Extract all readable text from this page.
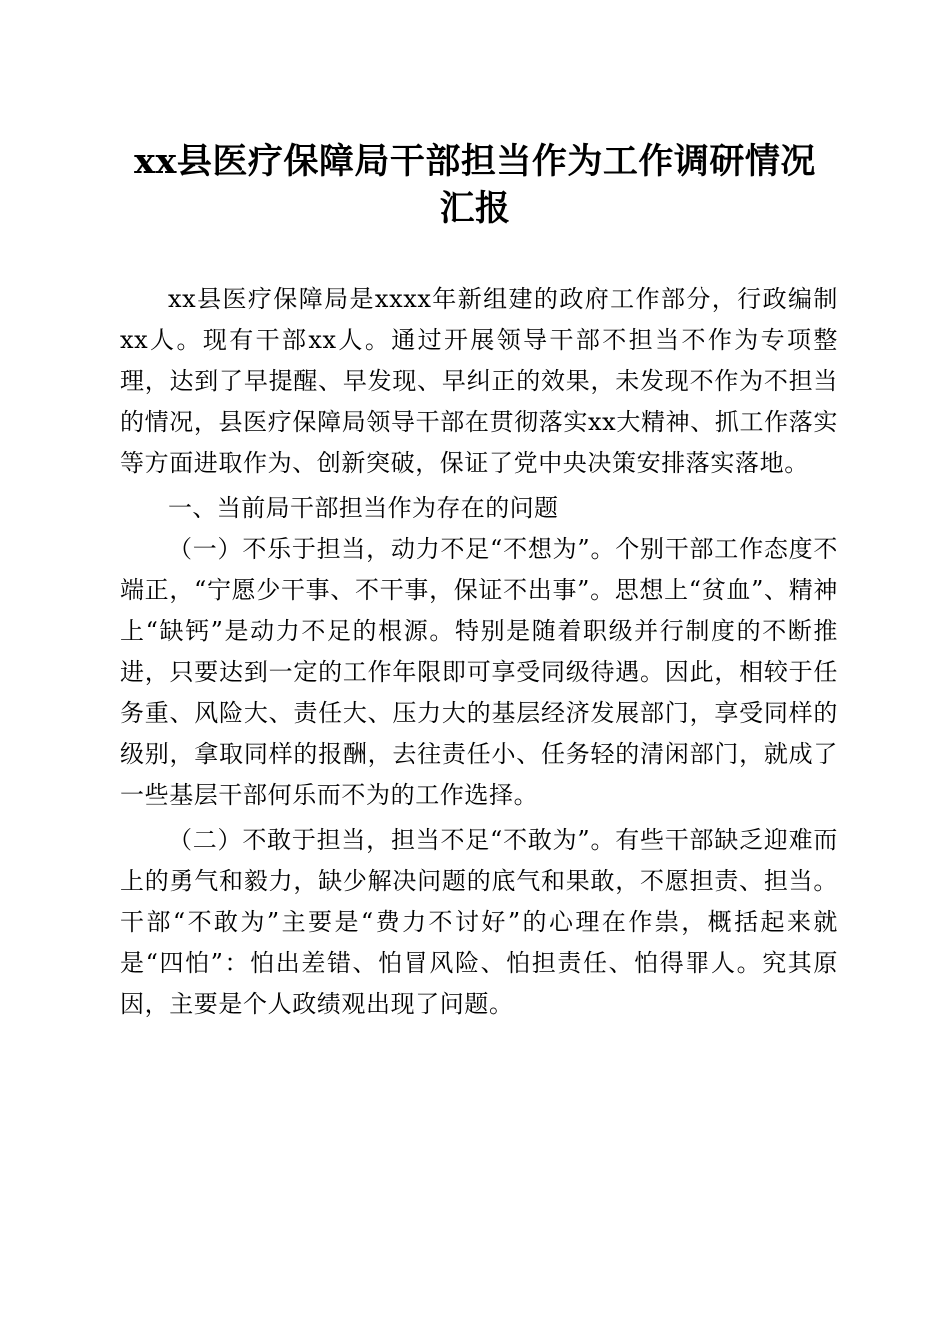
xx县医疗保障局干部担当作为工作调研情况
汇报

xx县医疗保障局是xxxx年新组建的政府工作部分，行政编制xx人。现有干部xx人。通过开展领导干部不担当不作为专项整理，达到了早提醒、早发现、早纠正的效果，未发现不作为不担当的情况，县医疗保障局领导干部在贯彻落实xx大精神、抓工作落实等方面进取作为、创新突破，保证了党中央决策安排落实落地。

一、当前局干部担当作为存在的问题

（一）不乐于担当，动力不足“不想为”。个别干部工作态度不端正，“宁愿少干事、不干事，保证不出事”。思想上“贫血”、精神上“缺钙”是动力不足的根源。特别是随着职级并行制度的不断推进，只要达到一定的工作年限即可享受同级待遇。因此，相较于任务重、风险大、责任大、压力大的基层经济发展部门，享受同样的级别，拿取同样的报酬，去往责任小、任务轻的清闲部门，就成了一些基层干部何乐而不为的工作选择。

（二）不敢于担当，担当不足“不敢为”。有些干部缺乏迎难而上的勇气和毅力，缺少解决问题的底气和果敢，不愿担责、担当。干部“不敢为”主要是“费力不讨好”的心理在作祟，概括起来就是“四怕”：怕出差错、怕冒风险、怕担责任、怕得罪人。究其原因，主要是个人政绩观出现了问题。
